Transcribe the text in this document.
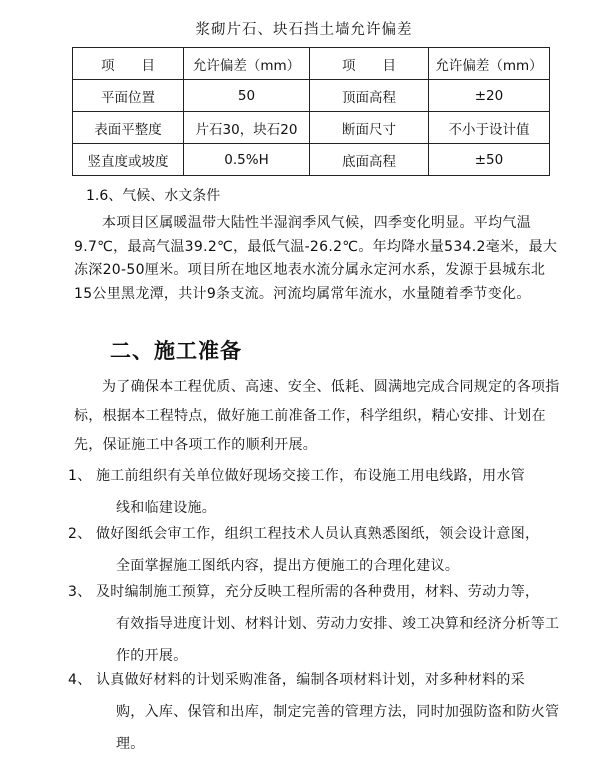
浆砌片石、块石挡土墙允许偏差
项　　目	允许偏差（mm）	项　　目	允许偏差（mm）
平面位置	50	顶面高程	±20
表面平整度	片石30，块石20	断面尺寸	不小于设计值
竖直度或坡度	0.5%H	底面高程	±50
1.6、气候、水文条件
本项目区属暖温带大陆性半湿润季风气候，四季变化明显。平均气温9.7℃，最高气温39.2℃，最低气温-26.2℃。年均降水量534.2毫米，最大冻深20-50厘米。项目所在地区地表水流分属永定河水系，发源于县城东北15公里黑龙潭，共计9条支流。河流均属常年流水，水量随着季节变化。
二、施工准备
为了确保本工程优质、高速、安全、低耗、圆满地完成合同规定的各项指标，根据本工程特点，做好施工前准备工作，科学组织，精心安排、计划在先，保证施工中各项工作的顺利开展。
1、 施工前组织有关单位做好现场交接工作，布设施工用电线路，用水管
线和临建设施。
2、 做好图纸会审工作，组织工程技术人员认真熟悉图纸，领会设计意图，
全面掌握施工图纸内容，提出方便施工的合理化建议。
3、 及时编制施工预算，充分反映工程所需的各种费用，材料、劳动力等，
有效指导进度计划、材料计划、劳动力安排、竣工决算和经济分析等工作的开展。
4、 认真做好材料的计划采购准备，编制各项材料计划，对多种材料的采
购，入库、保管和出库，制定完善的管理方法，同时加强防盗和防火管理。
